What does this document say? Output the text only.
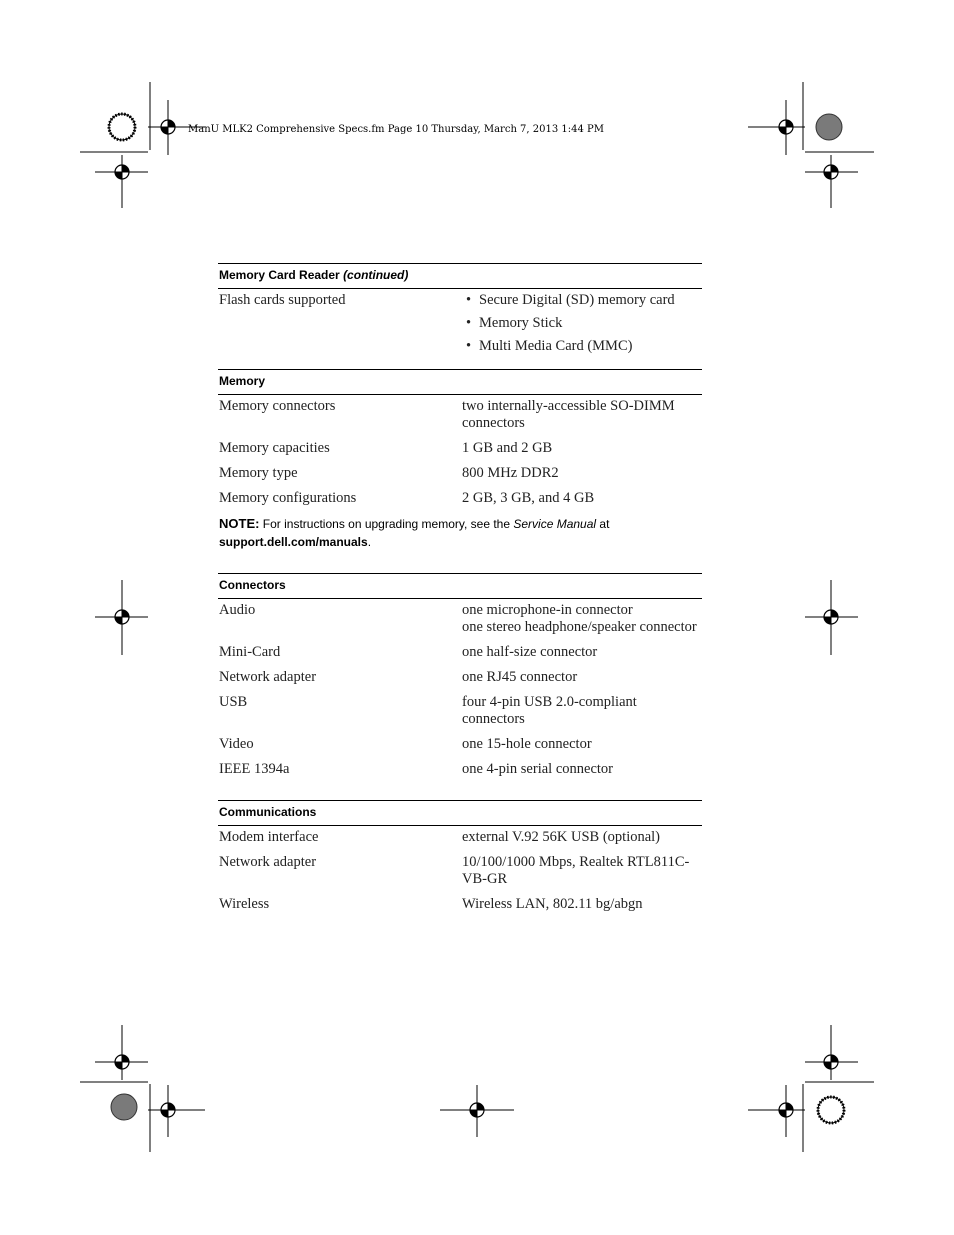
ManU MLK2 Comprehensive Specs.fm Page 10 Thursday, March 7, 2013 1:44 PM
Memory Card Reader (continued)
Flash cards supported
•	Secure Digital (SD) memory card
• Memory Stick
• Multi Media Card (MMC)
Memory
Memory connectors	two internally-accessible SO-DIMM connectors
Memory capacities	1 GB and 2 GB
Memory type	800 MHz DDR2
Memory configurations	2 GB, 3 GB, and 4 GB
NOTE: For instructions on upgrading memory, see the Service Manual at
support.dell.com/manuals.
Connectors
Audio	one microphone-in connector
one stereo headphone/speaker connector
Mini-Card	one half-size connector
Network adapter	one RJ45 connector
USB	four 4-pin USB 2.0-compliant connectors
Video	one 15-hole connector
IEEE 1394a	one 4-pin serial connector
Communications
Modem interface	external V.92 56K USB (optional)
Network adapter	10/100/1000 Mbps, Realtek RTL811C-VB-GR
Wireless	Wireless LAN, 802.11 bg/abgn
